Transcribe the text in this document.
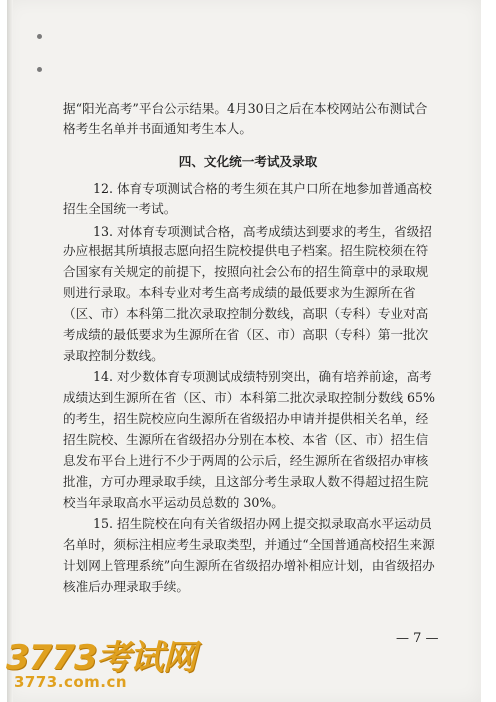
据“阳光高考”平台公示结果。4月30日之后在本校网站公布测试合
格考生名单并书面通知考生本人。
四、文化统一考试及录取
12. 体育专项测试合格的考生须在其户口所在地参加普通高校
招生全国统一考试。
13. 对体育专项测试合格，高考成绩达到要求的考生，省级招
办应根据其所填报志愿向招生院校提供电子档案。招生院校须在符
合国家有关规定的前提下，按照向社会公布的招生简章中的录取规
则进行录取。本科专业对考生高考成绩的最低要求为生源所在省
（区、市）本科第二批次录取控制分数线，高职（专科）专业对高
考成绩的最低要求为生源所在省（区、市）高职（专科）第一批次
录取控制分数线。
14. 对少数体育专项测试成绩特别突出，确有培养前途，高考
成绩达到生源所在省（区、市）本科第二批次录取控制分数线 65%
的考生，招生院校应向生源所在省级招办申请并提供相关名单，经
招生院校、生源所在省级招办分别在本校、本省（区、市）招生信
息发布平台上进行不少于两周的公示后，经生源所在省级招办审核
批准，方可办理录取手续，且这部分考生录取人数不得超过招生院
校当年录取高水平运动员总数的 30%。
15. 招生院校在向有关省级招办网上提交拟录取高水平运动员
名单时，须标注相应考生录取类型，并通过“全国普通高校招生来源
计划网上管理系统”向生源所在省级招办增补相应计划，由省级招办
核准后办理录取手续。
— 7 —
3773考试网
3773.com.cn
